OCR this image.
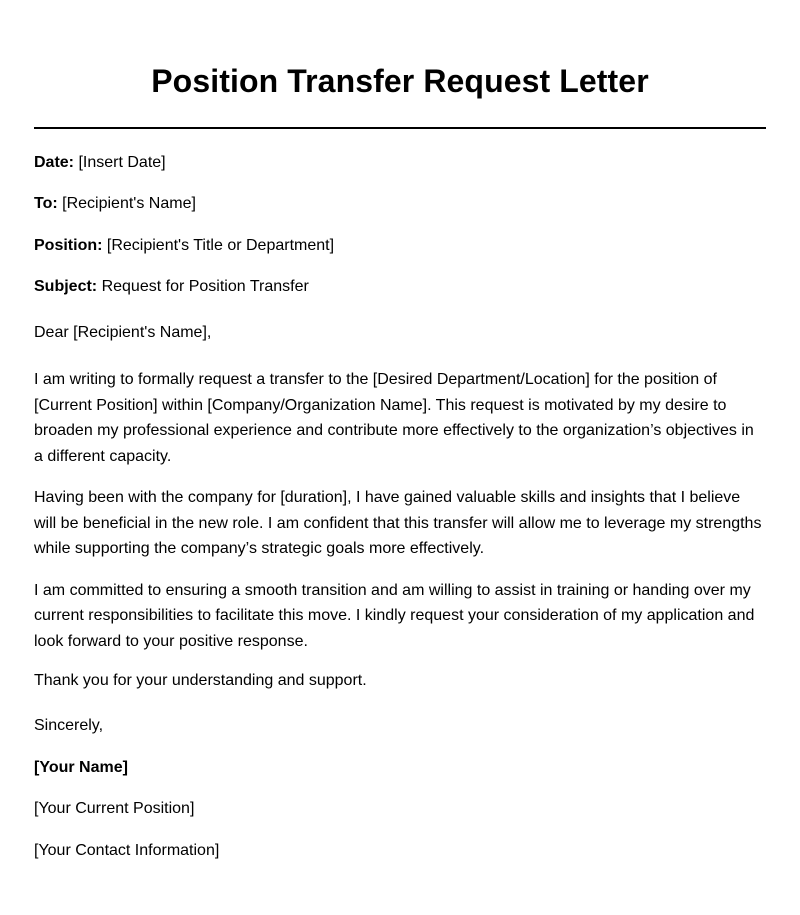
Position Transfer Request Letter

Date: [Insert Date]

To: [Recipient's Name]

Position: [Recipient's Title or Department]

Subject: Request for Position Transfer

Dear [Recipient's Name],

I am writing to formally request a transfer to the [Desired Department/Location] for the position of [Current Position] within [Company/Organization Name]. This request is motivated by my desire to broaden my professional experience and contribute more effectively to the organization’s objectives in a different capacity.

Having been with the company for [duration], I have gained valuable skills and insights that I believe will be beneficial in the new role. I am confident that this transfer will allow me to leverage my strengths while supporting the company’s strategic goals more effectively.

I am committed to ensuring a smooth transition and am willing to assist in training or handing over my current responsibilities to facilitate this move. I kindly request your consideration of my application and look forward to your positive response.

Thank you for your understanding and support.

Sincerely,

[Your Name]

[Your Current Position]

[Your Contact Information]
